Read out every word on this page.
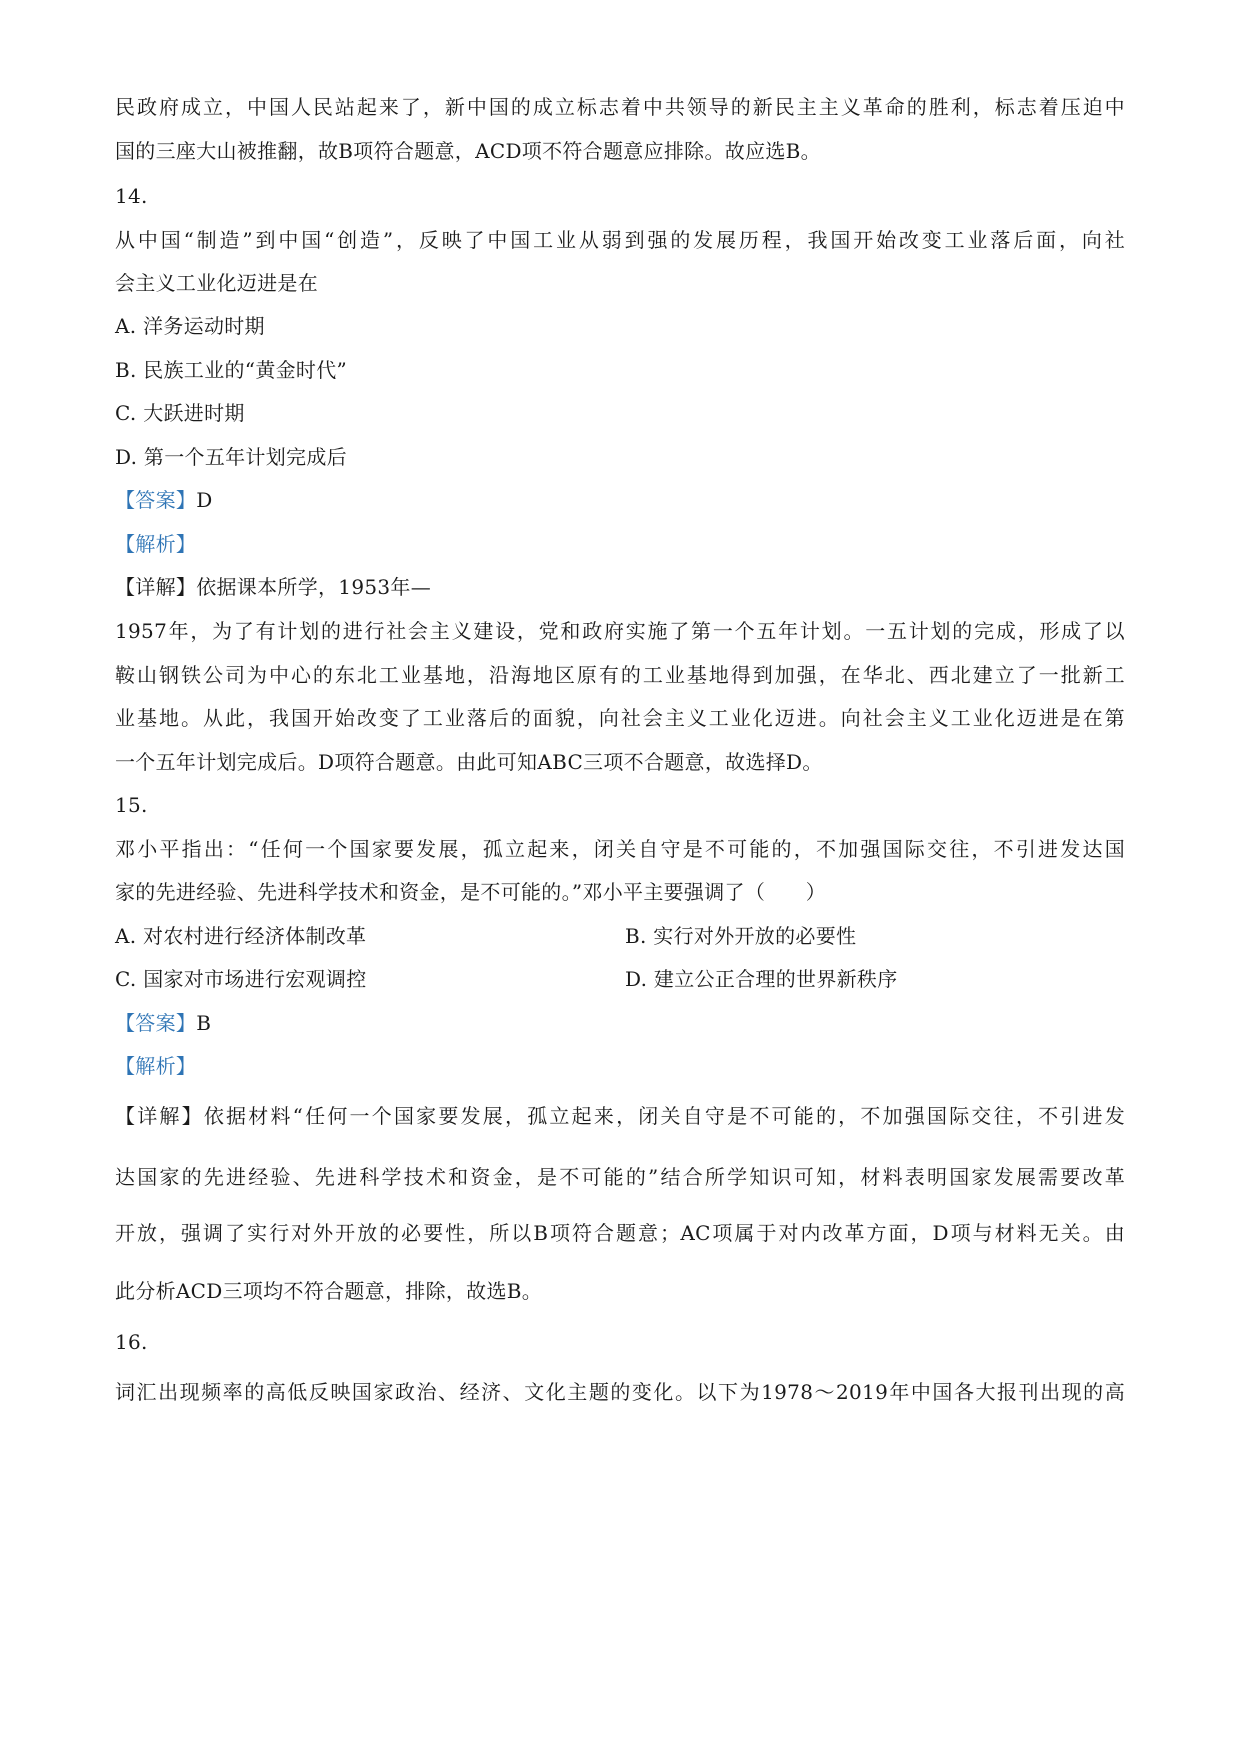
民政府成立，中国人民站起来了，新中国的成立标志着中共领导的新民主主义革命的胜利，标志着压迫中
国的三座大山被推翻，故B项符合题意，ACD项不符合题意应排除。故应选B。
14.
从中国“制造”到中国“创造”，反映了中国工业从弱到强的发展历程，我国开始改变工业落后面，向社
会主义工业化迈进是在
A. 洋务运动时期
B. 民族工业的“黄金时代”
C. 大跃进时期
D. 第一个五年计划完成后
【答案】D
【解析】
【详解】依据课本所学，1953年—
1957年，为了有计划的进行社会主义建设，党和政府实施了第一个五年计划。一五计划的完成，形成了以
鞍山钢铁公司为中心的东北工业基地，沿海地区原有的工业基地得到加强，在华北、西北建立了一批新工
业基地。从此，我国开始改变了工业落后的面貌，向社会主义工业化迈进。向社会主义工业化迈进是在第
一个五年计划完成后。D项符合题意。由此可知ABC三项不合题意，故选择D。
15.
邓小平指出：“任何一个国家要发展，孤立起来，闭关自守是不可能的，不加强国际交往，不引进发达国
家的先进经验、先进科学技术和资金，是不可能的。”邓小平主要强调了（　　）
A. 对农村进行经济体制改革	B. 实行对外开放的必要性
C. 国家对市场进行宏观调控	D. 建立公正合理的世界新秩序
【答案】B
【解析】
【详解】依据材料“任何一个国家要发展，孤立起来，闭关自守是不可能的，不加强国际交往，不引进发
达国家的先进经验、先进科学技术和资金，是不可能的”结合所学知识可知，材料表明国家发展需要改革
开放，强调了实行对外开放的必要性，所以B项符合题意；AC项属于对内改革方面，D项与材料无关。由
此分析ACD三项均不符合题意，排除，故选B。
16.
词汇出现频率的高低反映国家政治、经济、文化主题的变化。以下为1978～2019年中国各大报刊出现的高
